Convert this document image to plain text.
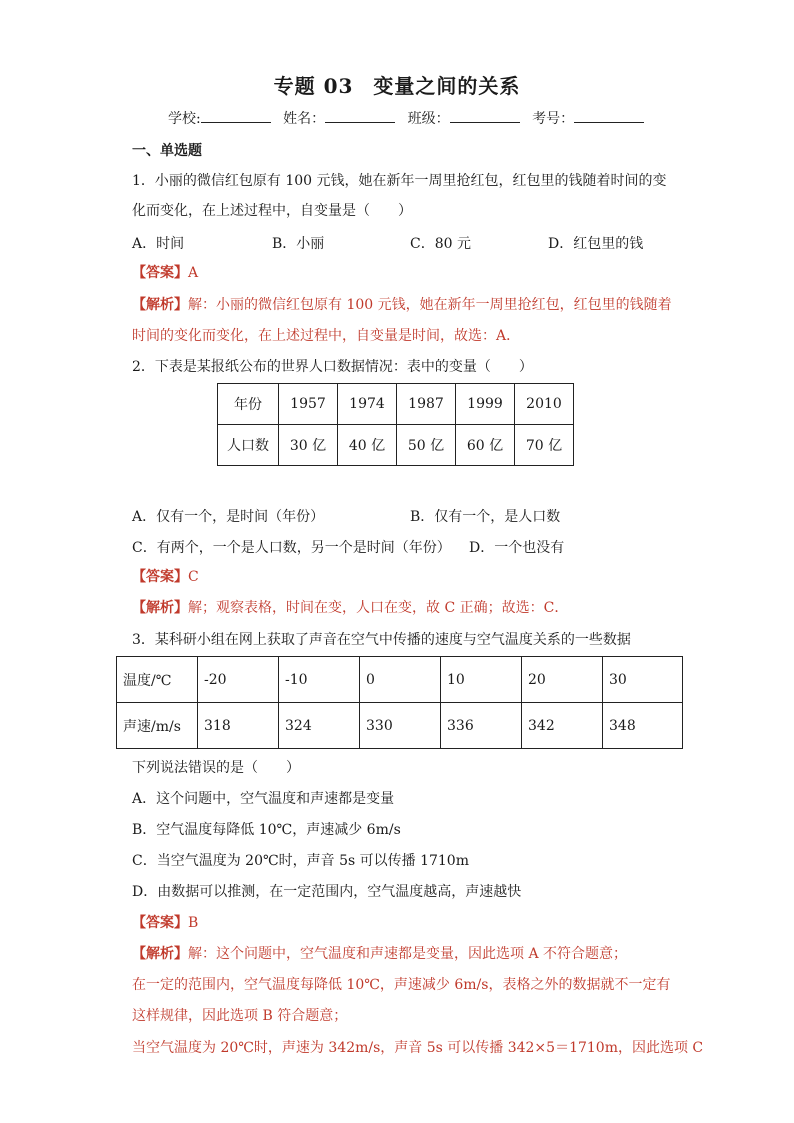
专题 03 变量之间的关系
学校:	姓名：	班级：	考号：
一、单选题
1．小丽的微信红包原有 100 元钱，她在新年一周里抢红包，红包里的钱随着时间的变
化而变化，在上述过程中，自变量是（　　）
A．时间	B．小丽	C．80 元	D．红包里的钱
【答案】A
【解析】解：小丽的微信红包原有 100 元钱，她在新年一周里抢红包，红包里的钱随着
时间的变化而变化，在上述过程中，自变量是时间，故选：A．
2．下表是某报纸公布的世界人口数据情况：表中的变量（　　）
年份	1957	1974	1987	1999	2010
人口数	30 亿	40 亿	50 亿	60 亿	70 亿
A．仅有一个，是时间（年份）	B．仅有一个，是人口数
C．有两个，一个是人口数，另一个是时间（年份） D．一个也没有
【答案】C
【解析】解；观察表格，时间在变，人口在变，故 C 正确；故选：C．
3．某科研小组在网上获取了声音在空气中传播的速度与空气温度关系的一些数据
温度/℃	-20	-10	0	10	20	30
声速/m/s	318	324	330	336	342	348
下列说法错误的是（　　）
A．这个问题中，空气温度和声速都是变量
B．空气温度每降低 10℃，声速减少 6m/s
C．当空气温度为 20℃时，声音 5s 可以传播 1710m
D．由数据可以推测，在一定范围内，空气温度越高，声速越快
【答案】B
【解析】解：这个问题中，空气温度和声速都是变量，因此选项 A 不符合题意；
在一定的范围内，空气温度每降低 10℃，声速减少 6m/s，表格之外的数据就不一定有
这样规律，因此选项 B 符合题意；
当空气温度为 20℃时，声速为 342m/s，声音 5s 可以传播 342×5＝1710m，因此选项 C
